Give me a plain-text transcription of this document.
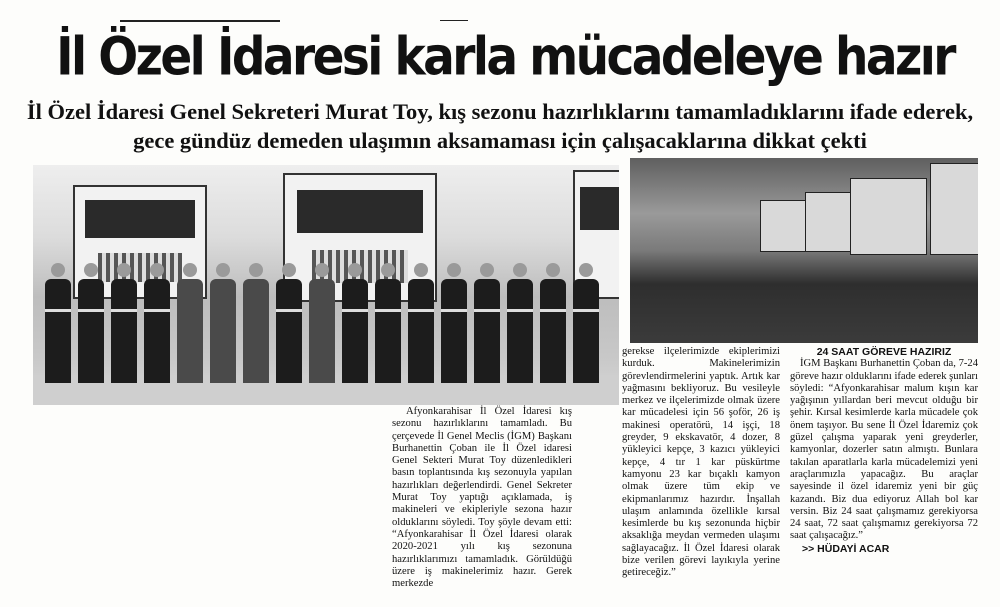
İl Özel İdaresi karla mücadeleye hazır
İl Özel İdaresi Genel Sekreteri Murat Toy, kış sezonu hazırlıklarını tamamladıklarını ifade ederek, gece gündüz demeden ulaşımın aksamaması için çalışacaklarına dikkat çekti

Afyonkarahisar İl Özel İdaresi kış sezonu hazırlıklarını tamamladı. Bu çerçevede İl Genel Meclis (İGM) Başkanı Burhanettin Çoban ile İl Özel idaresi Genel Sekteri Murat Toy düzenledikleri basın toplantısında kış sezonuyla yapılan hazırlıkları değerlendirdi. Genel Sekreter Murat Toy yaptığı açıklamada, iş makineleri ve ekipleriyle sezona hazır olduklarını söyledi. Toy şöyle devam etti: “Afyonkarahisar İl Özel İdaresi olarak 2020-2021 yılı kış sezonuna hazırlıklarımızı tamamladık. Görüldüğü üzere iş makinelerimiz hazır. Gerek merkezde

gerekse ilçelerimizde ekiplerimizi kurduk. Makinelerimizin görevlendirmelerini yaptık. Artık kar yağmasını bekliyoruz. Bu vesileyle merkez ve ilçelerimizde olmak üzere kar mücadelesi için 56 şoför, 26 iş makinesi operatörü, 14 işçi, 18 greyder, 9 ekskavatör, 4 dozer, 8 yükleyici kepçe, 3 kazıcı yükleyici kepçe, 4 tır 1 kar püskürtme kamyonu 23 kar bıçaklı kamyon olmak üzere tüm ekip ve ekipmanlarımız hazırdır. İnşallah ulaşım anlamında özellikle kırsal kesimlerde bu kış sezonunda hiçbir aksaklığa meydan vermeden ulaşımı sağlayacağız. İl Özel İdaresi olarak bize verilen görevi layıkıyla yerine getireceğiz.”

24 SAAT GÖREVE HAZIRIZ

İGM Başkanı Burhanettin Çoban da, 7-24 göreve hazır olduklarını ifade ederek şunları söyledi: “Afyonkarahisar malum kışın kar yağışının yıllardan beri mevcut olduğu bir şehir. Kırsal kesimlerde karla mücadele çok önem taşıyor. Bu sene İl Özel İdaremiz çok güzel çalışma yaparak yeni greyderler, kamyonlar, dozerler satın almıştı. Bunlara takılan aparatlarla karla mücadelemizi yeni araçlarımızla yapacağız. Bu araçlar sayesinde il özel idaremiz yeni bir güç kazandı. Biz dua ediyoruz Allah bol kar versin. Biz 24 saat çalışmamız gerekiyorsa 24 saat, 72 saat çalışmamız gerekiyorsa 72 saat çalışacağız.”

>> HÜDAYİ ACAR
